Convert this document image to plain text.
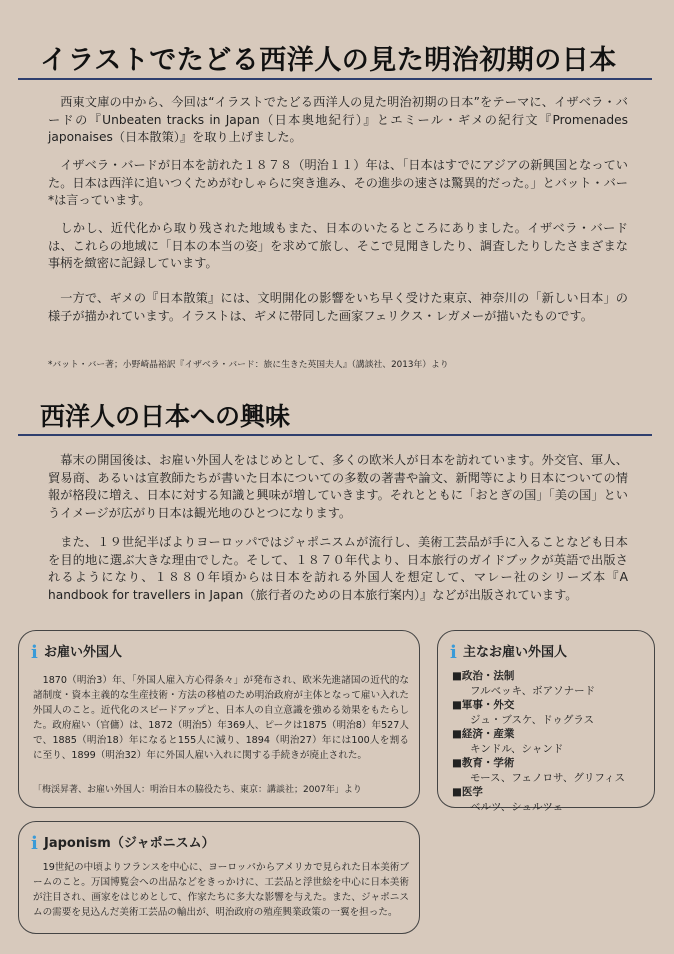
イラストでたどる西洋人の見た明治初期の日本

西東文庫の中から、今回は“イラストでたどる西洋人の見た明治初期の日本”をテーマに、イザベラ・バードの『Unbeaten tracks in Japan（日本奥地紀行）』とエミール・ギメの紀行文『Promenades japonaises（日本散策）』を取り上げました。

イザベラ・バードが日本を訪れた１８７８（明治１１）年は、「日本はすでにアジアの新興国となっていた。日本は西洋に追いつくためがむしゃらに突き進み、その進歩の速さは驚異的だった。」とバット・バー*は言っています。

しかし、近代化から取り残された地域もまた、日本のいたるところにありました。イザベラ・バードは、これらの地域に「日本の本当の姿」を求めて旅し、そこで見聞きしたり、調査したりしたさまざまな事柄を緻密に記録しています。

一方で、ギメの『日本散策』には、文明開化の影響をいち早く受けた東京、神奈川の「新しい日本」の様子が描かれています。イラストは、ギメに帯同した画家フェリクス・レガメーが描いたものです。

*バット・バー著；小野崎晶裕訳『イザベラ・バード：旅に生きた英国夫人』（講談社、2013年）より

西洋人の日本への興味

幕末の開国後は、お雇い外国人をはじめとして、多くの欧米人が日本を訪れています。外交官、軍人、貿易商、あるいは宣教師たちが書いた日本についての多数の著書や論文、新聞等により日本についての情報が格段に増え、日本に対する知識と興味が増していきます。それとともに「おとぎの国」「美の国」というイメージが広がり日本は観光地のひとつになります。

また、１９世紀半ばよりヨーロッパではジャポニスムが流行し、美術工芸品が手に入ることなども日本を目的地に選ぶ大きな理由でした。そして、１８７０年代より、日本旅行のガイドブックが英語で出版されるようになり、１８８０年頃からは日本を訪れる外国人を想定して、マレー社のシリーズ本『A handbook for travellers in Japan（旅行者のための日本旅行案内）』などが出版されています。

i お雇い外国人

1870（明治3）年、「外国人雇入方心得条々」が発布され、欧米先進諸国の近代的な諸制度・資本主義的な生産技術・方法の移植のため明治政府が主体となって雇い入れた外国人のこと。近代化のスピードアップと、日本人の自立意識を強める効果をもたらした。政府雇い（官傭）は、1872（明治5）年369人、ピークは1875（明治8）年527人で、1885（明治18）年になると155人に減り、1894（明治27）年には100人を割るに至り、1899（明治32）年に外国人雇い入れに関する手続きが廃止された。

「梅渓昇著、お雇い外国人：明治日本の脇役たち、東京：講談社；2007年」より

i Japonism（ジャポニスム）

19世紀の中頃よりフランスを中心に、ヨーロッパからアメリカで見られた日本美術ブームのこと。万国博覧会への出品などをきっかけに、工芸品と浮世絵を中心に日本美術が注目され、画家をはじめとして、作家たちに多大な影響を与えた。また、ジャポニスムの需要を見込んだ美術工芸品の輸出が、明治政府の殖産興業政策の一翼を担った。

i 主なお雇い外国人

■政治・法制

フルベッキ、ボアソナード

■軍事・外交

ジュ・ブスケ、ドゥグラス

■経済・産業

キンドル、シャンド

■教育・学術

モース、フェノロサ、グリフィス

■医学

ベルツ、シュルツェ
